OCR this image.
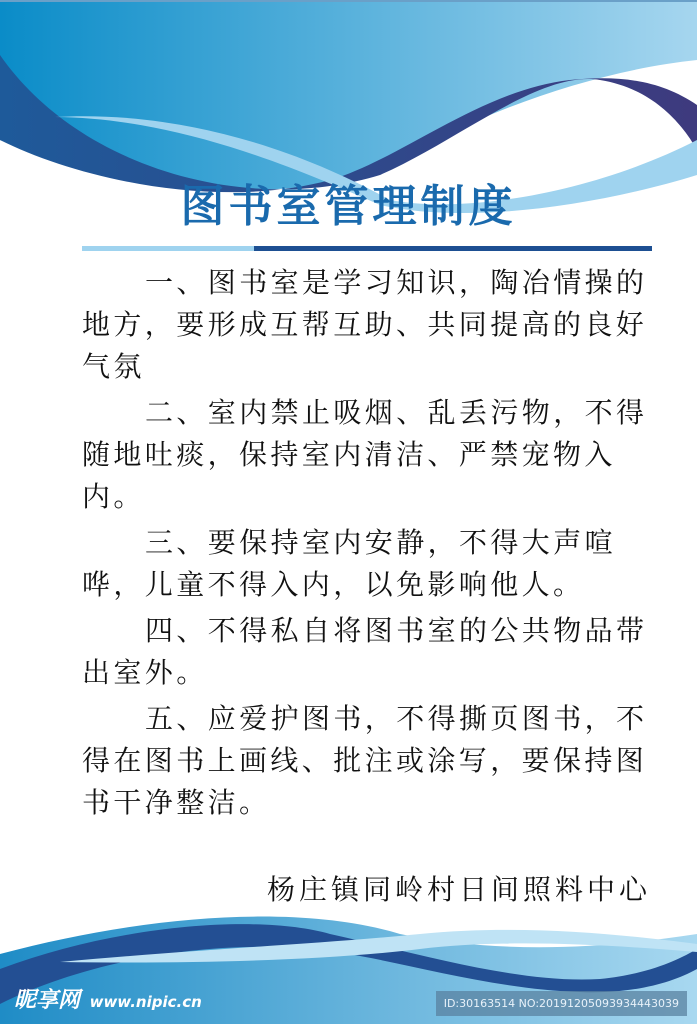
图书室管理制度
一、图书室是学习知识，陶冶情操的
地方，要形成互帮互助、共同提高的良好
气氛
二、室内禁止吸烟、乱丢污物，不得
随地吐痰，保持室内清洁、严禁宠物入
内。
三、要保持室内安静，不得大声喧
哗，儿童不得入内，以免影响他人。
四、不得私自将图书室的公共物品带
出室外。
五、应爱护图书，不得撕页图书，不
得在图书上画线、批注或涂写，要保持图
书干净整洁。
杨庄镇同岭村日间照料中心
昵享网 www.nipic.cn	ID:30163514 NO:20191205093934443039
